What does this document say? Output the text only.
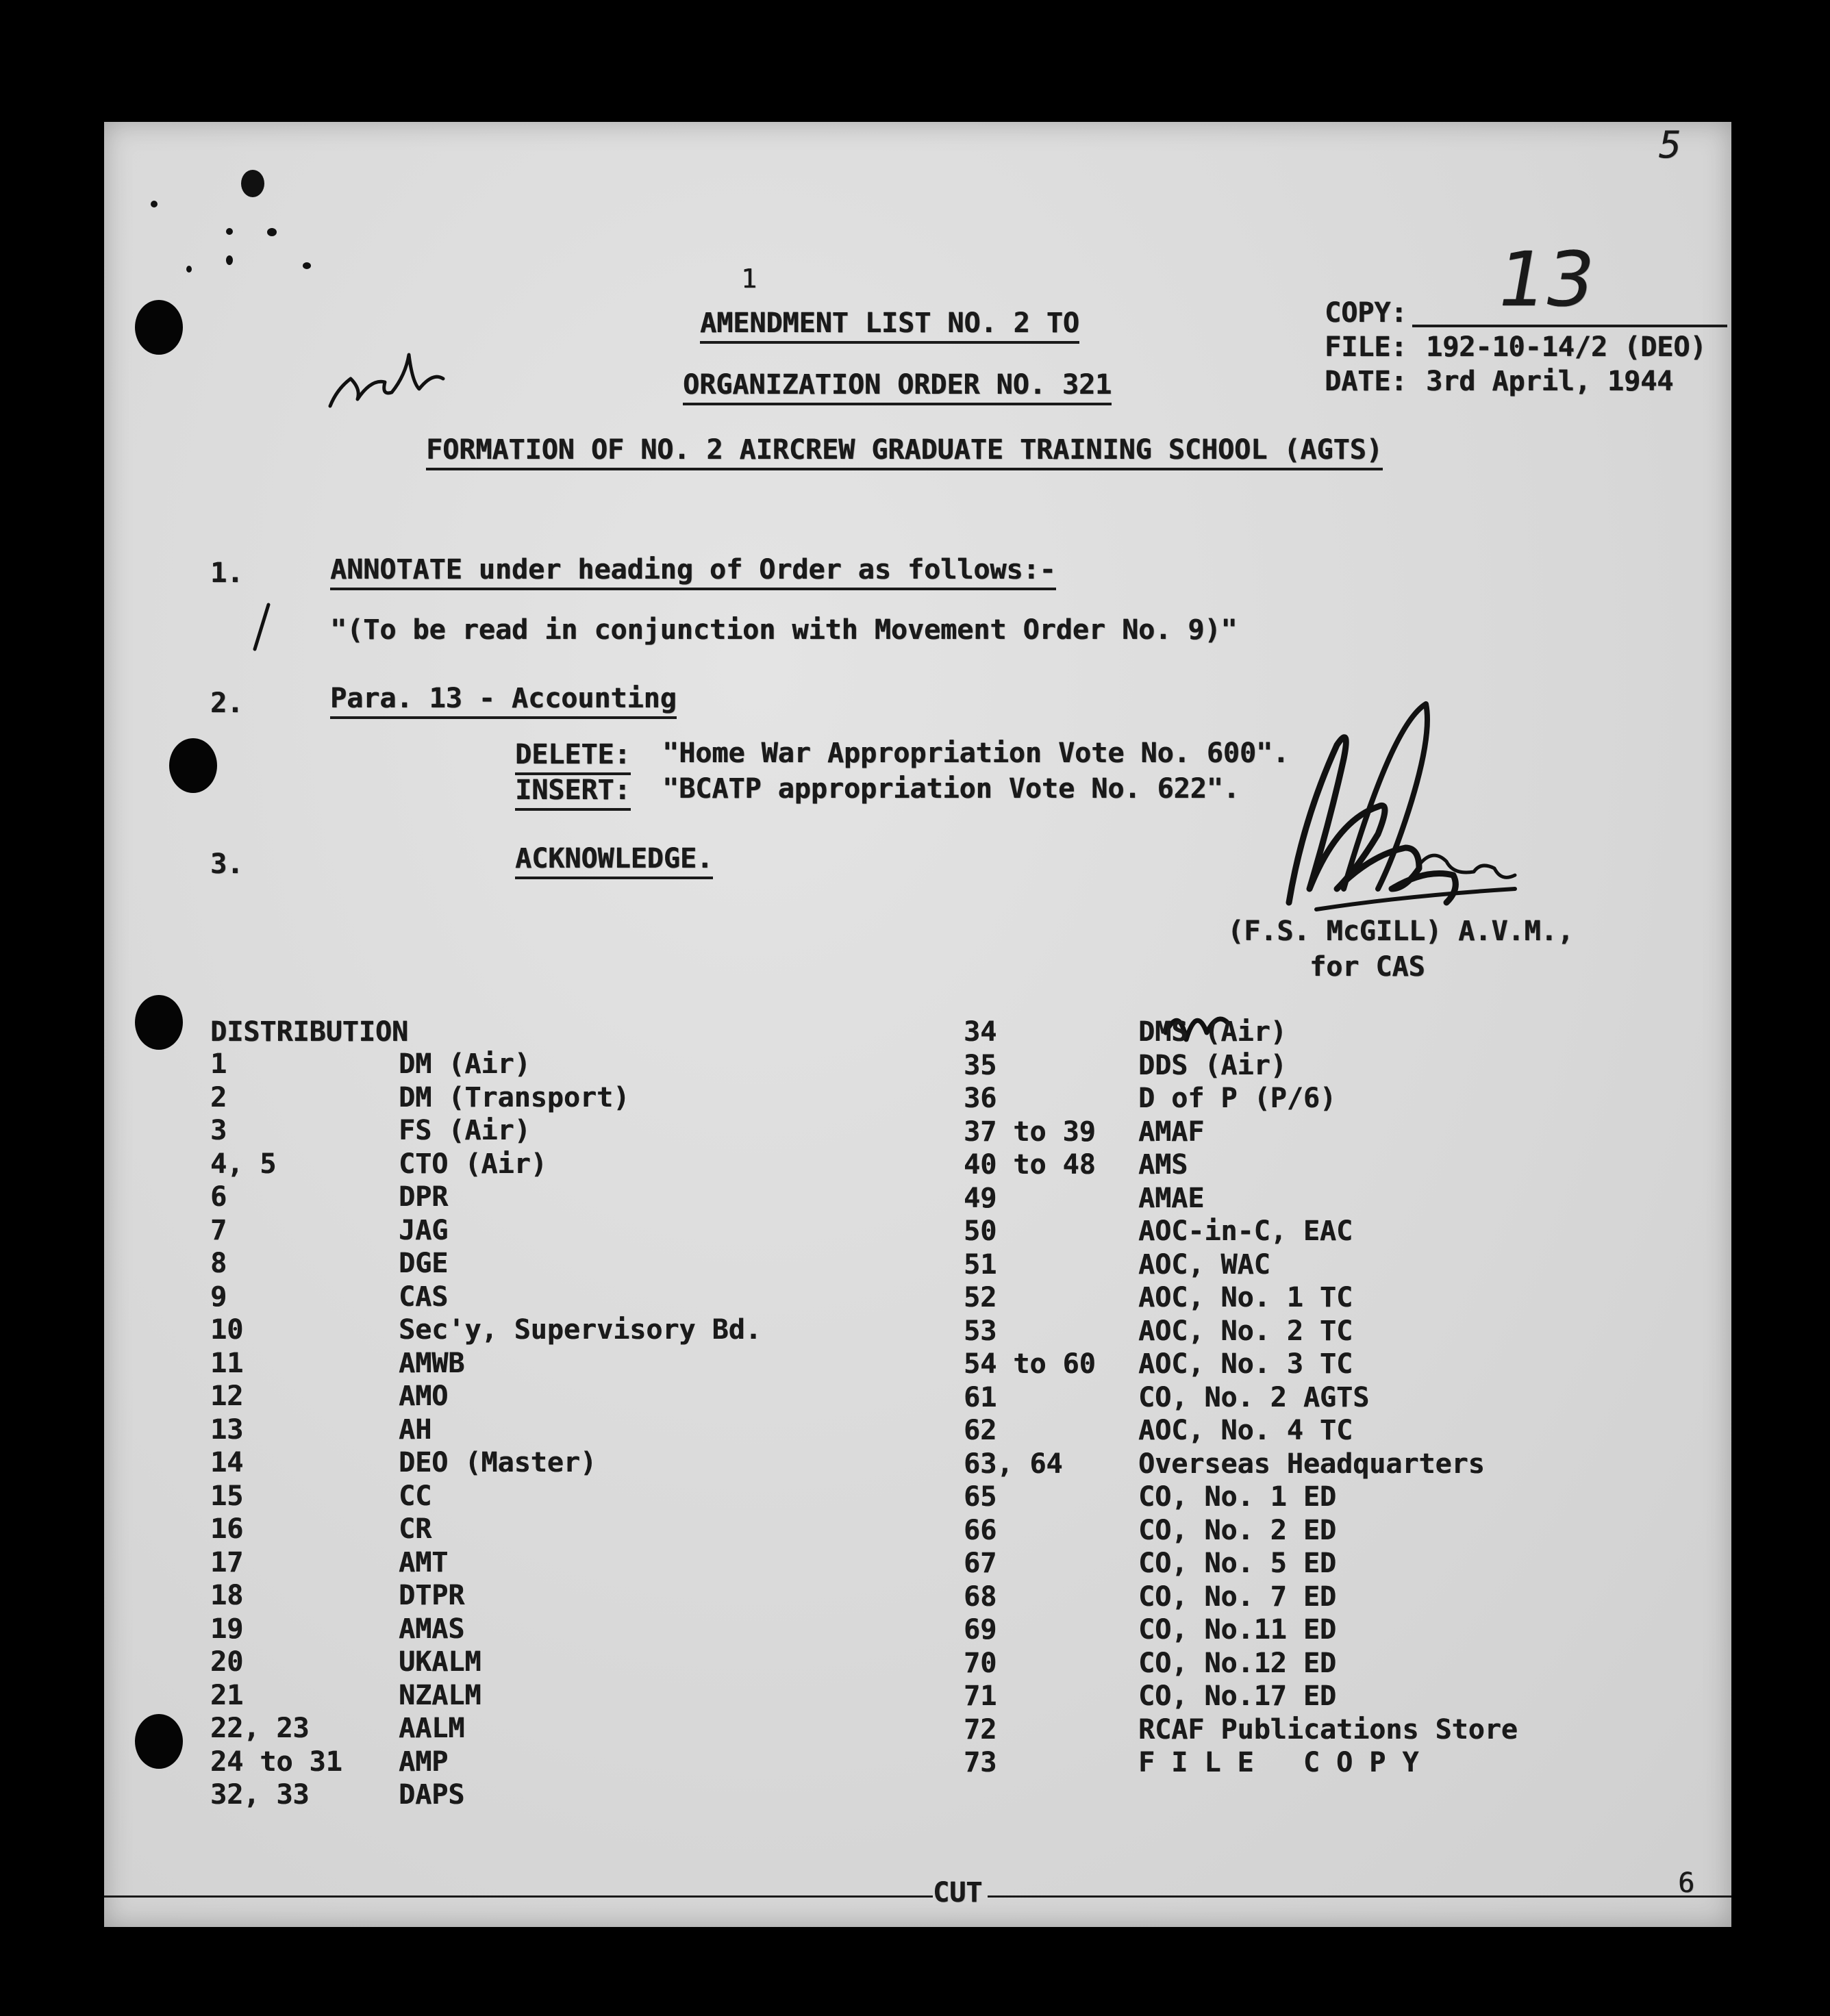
5
1
AMENDMENT LIST NO. 2 TO
ORGANIZATION ORDER NO. 321
FORMATION OF NO. 2 AIRCREW GRADUATE TRAINING SCHOOL (AGTS)
COPY: 13
FILE: 192-10-14/2 (DEO)
DATE: 3rd April, 1944
1.	ANNOTATE under heading of Order as follows:-
"(To be read in conjunction with Movement Order No. 9)"
2.	Para. 13 - Accounting
DELETE: "Home War Appropriation Vote No. 600".
INSERT: "BCATP appropriation Vote No. 622".
3.	ACKNOWLEDGE.
(F.S. McGILL) A.V.M.,
for CAS
DISTRIBUTION
1	DM (Air)
2	DM (Transport)
3	FS (Air)
4, 5	CTO (Air)
6	DPR
7	JAG
8	DGE
9	CAS
10	Sec'y, Supervisory Bd.
11	AMWB
12	AMO
13	AH
14	DEO (Master)
15	CC
16	CR
17	AMT
18	DTPR
19	AMAS
20	UKALM
21	NZALM
22, 23	AALM
24 to 31 AMP
32, 33	DAPS
34	DMS (Air)
35	DDS (Air)
36	D of P (P/6)
37 to 39 AMAF
40 to 48 AMS
49	AMAE
50	AOC-in-C, EAC
51	AOC, WAC
52	AOC, No. 1 TC
53	AOC, No. 2 TC
54 to 60 AOC, No. 3 TC
61	CO, No. 2 AGTS
62	AOC, No. 4 TC
63, 64	Overseas Headquarters
65	CO, No. 1 ED
66	CO, No. 2 ED
67	CO, No. 5 ED
68	CO, No. 7 ED
69	CO, No.11 ED
70	CO, No.12 ED
71	CO, No.17 ED
72	RCAF Publications Store
73	F I L E   C O P Y
CUT	6
